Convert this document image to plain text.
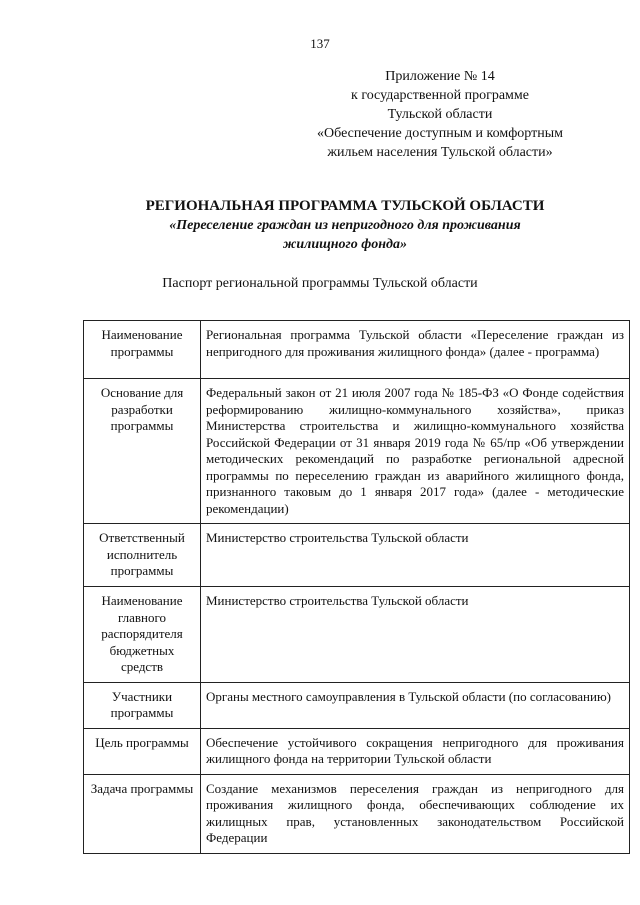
137
Приложение № 14
к государственной программе
Тульской области
«Обеспечение доступным и комфортным
жильем населения Тульской области»
РЕГИОНАЛЬНАЯ ПРОГРАММА ТУЛЬСКОЙ ОБЛАСТИ
«Переселение граждан из непригодного для проживания
жилищного фонда»
Паспорт региональной программы Тульской области
Наименование программы	Региональная программа Тульской области «Переселение граждан из непригодного для проживания жилищного фонда» (далее - программа)
Основание для разработки программы	Федеральный закон от 21 июля 2007 года № 185-ФЗ «О Фонде содействия реформированию жилищно-коммунального хозяйства», приказ Министерства строительства и жилищно-коммунального хозяйства Российской Федерации от 31 января 2019 года № 65/пр «Об утверждении методических рекомендаций по разработке региональной адресной программы по переселению граждан из аварийного жилищного фонда, признанного таковым до 1 января 2017 года» (далее - методические рекомендации)
Ответственный исполнитель программы	Министерство строительства Тульской области
Наименование главного распорядителя бюджетных средств	Министерство строительства Тульской области
Участники программы	Органы местного самоуправления в Тульской области (по согласованию)
Цель программы	Обеспечение устойчивого сокращения непригодного для проживания жилищного фонда на территории Тульской области
Задача программы	Создание механизмов переселения граждан из непригодного для проживания жилищного фонда, обеспечивающих соблюдение их жилищных прав, установленных законодательством Российской Федерации
